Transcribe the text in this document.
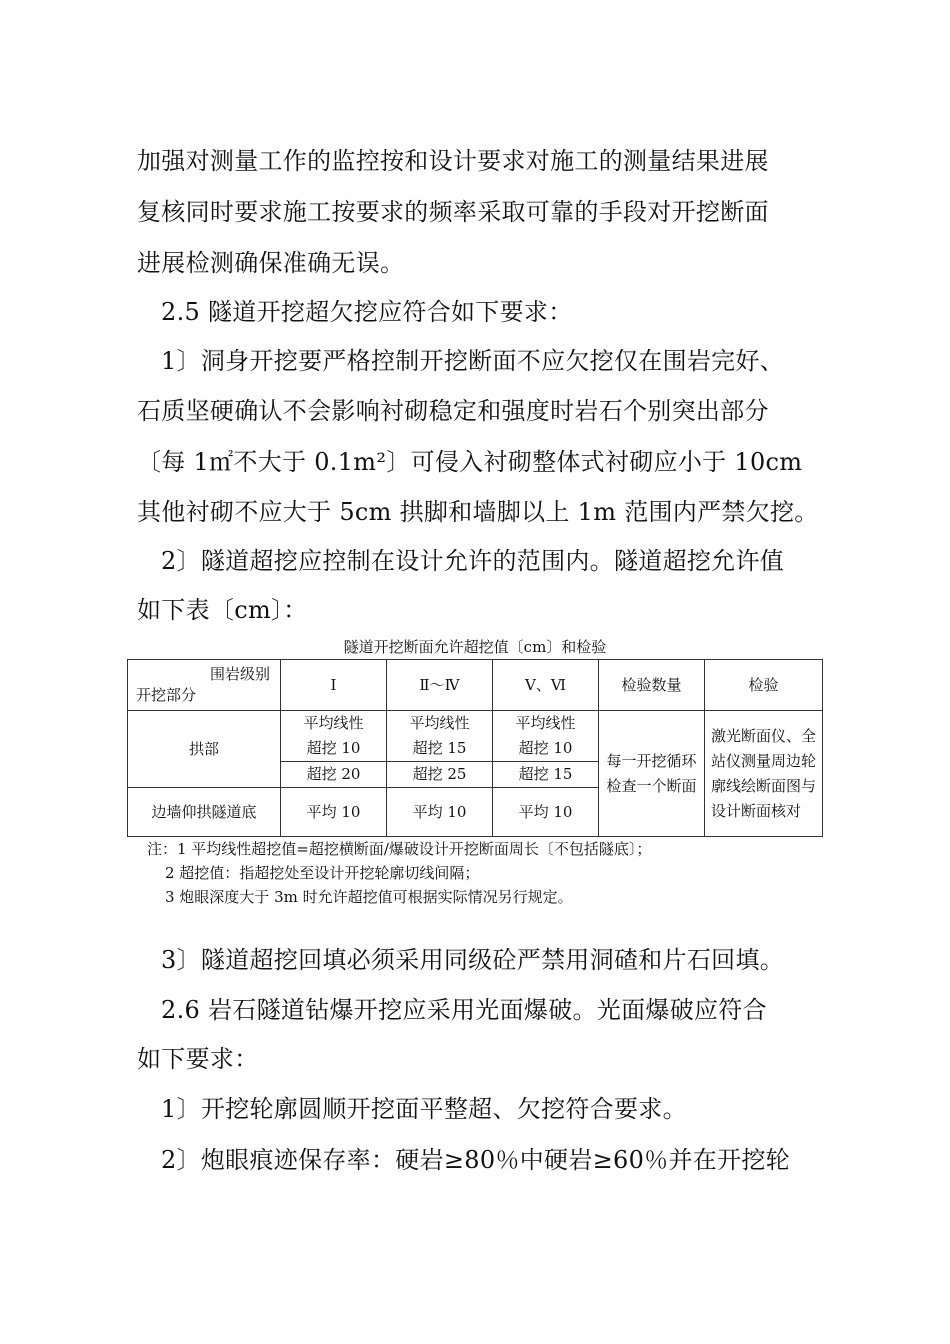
加强对测量工作的监控按和设计要求对施工的测量结果进展
复核同时要求施工按要求的频率采取可靠的手段对开挖断面
进展检测确保准确无误。
2.5 隧道开挖超欠挖应符合如下要求：
1〕洞身开挖要严格控制开挖断面不应欠挖仅在围岩完好、
石质坚硬确认不会影响衬砌稳定和强度时岩石个别突出部分
〔每 1㎡不大于 0.1m²〕可侵入衬砌整体式衬砌应小于 10cm
其他衬砌不应大于 5cm 拱脚和墙脚以上 1m 范围内严禁欠挖。
2〕隧道超挖应控制在设计允许的范围内。隧道超挖允许值
如下表〔cm〕：
隧道开挖断面允许超挖值〔cm〕和检验
围岩级别
开挖部分	Ⅰ	Ⅱ～Ⅳ	Ⅴ、Ⅵ	检验数量	检验
拱部	平均线性超挖 10	平均线性超挖 15	平均线性超挖 10	每一开挖循环检查一个断面	激光断面仪、全站仪测量周边轮廓线绘断面图与设计断面核对
	超挖 20	超挖 25	超挖 15		
边墙仰拱隧道底	平均 10	平均 10	平均 10		
注：1 平均线性超挖值=超挖横断面/爆破设计开挖断面周长〔不包括隧底〕；
2 超挖值：指超挖处至设计开挖轮廓切线间隔；
3 炮眼深度大于 3m 时允许超挖值可根据实际情况另行规定。
3〕隧道超挖回填必须采用同级砼严禁用洞碴和片石回填。
2.6 岩石隧道钻爆开挖应采用光面爆破。光面爆破应符合
如下要求：
1〕开挖轮廓圆顺开挖面平整超、欠挖符合要求。
2〕炮眼痕迹保存率：硬岩≥80％中硬岩≥60％并在开挖轮
